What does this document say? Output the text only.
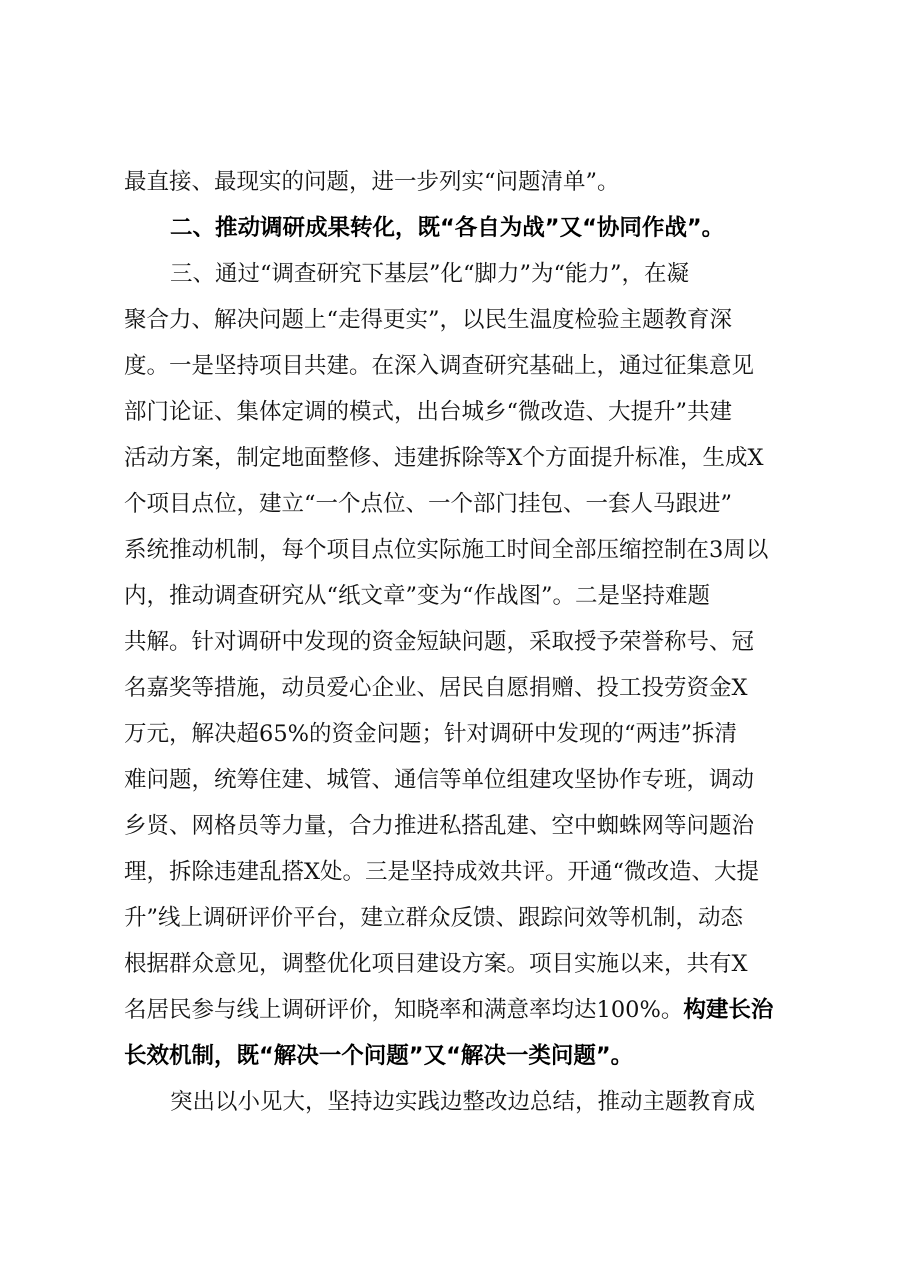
最直接、最现实的问题，进一步列实“问题清单”。
二、推动调研成果转化，既“各自为战”又“协同作战”。
三、通过“调查研究下基层”化“脚力”为“能力”，在凝
聚合力、解决问题上“走得更实”，以民生温度检验主题教育深
度。一是坚持项目共建。在深入调查研究基础上，通过征集意见
部门论证、集体定调的模式，出台城乡“微改造、大提升”共建
活动方案，制定地面整修、违建拆除等X个方面提升标准，生成X
个项目点位，建立“一个点位、一个部门挂包、一套人马跟进”
系统推动机制，每个项目点位实际施工时间全部压缩控制在3周以
内，推动调查研究从“纸文章”变为“作战图”。二是坚持难题
共解。针对调研中发现的资金短缺问题，采取授予荣誉称号、冠
名嘉奖等措施，动员爱心企业、居民自愿捐赠、投工投劳资金X
万元，解决超65%的资金问题；针对调研中发现的“两违”拆清
难问题，统筹住建、城管、通信等单位组建攻坚协作专班，调动
乡贤、网格员等力量，合力推进私搭乱建、空中蜘蛛网等问题治
理，拆除违建乱搭X处。三是坚持成效共评。开通“微改造、大提
升”线上调研评价平台，建立群众反馈、跟踪问效等机制，动态
根据群众意见，调整优化项目建设方案。项目实施以来，共有X
名居民参与线上调研评价，知晓率和满意率均达100%。构建长治
长效机制，既“解决一个问题”又“解决一类问题”。
突出以小见大，坚持边实践边整改边总结，推动主题教育成
